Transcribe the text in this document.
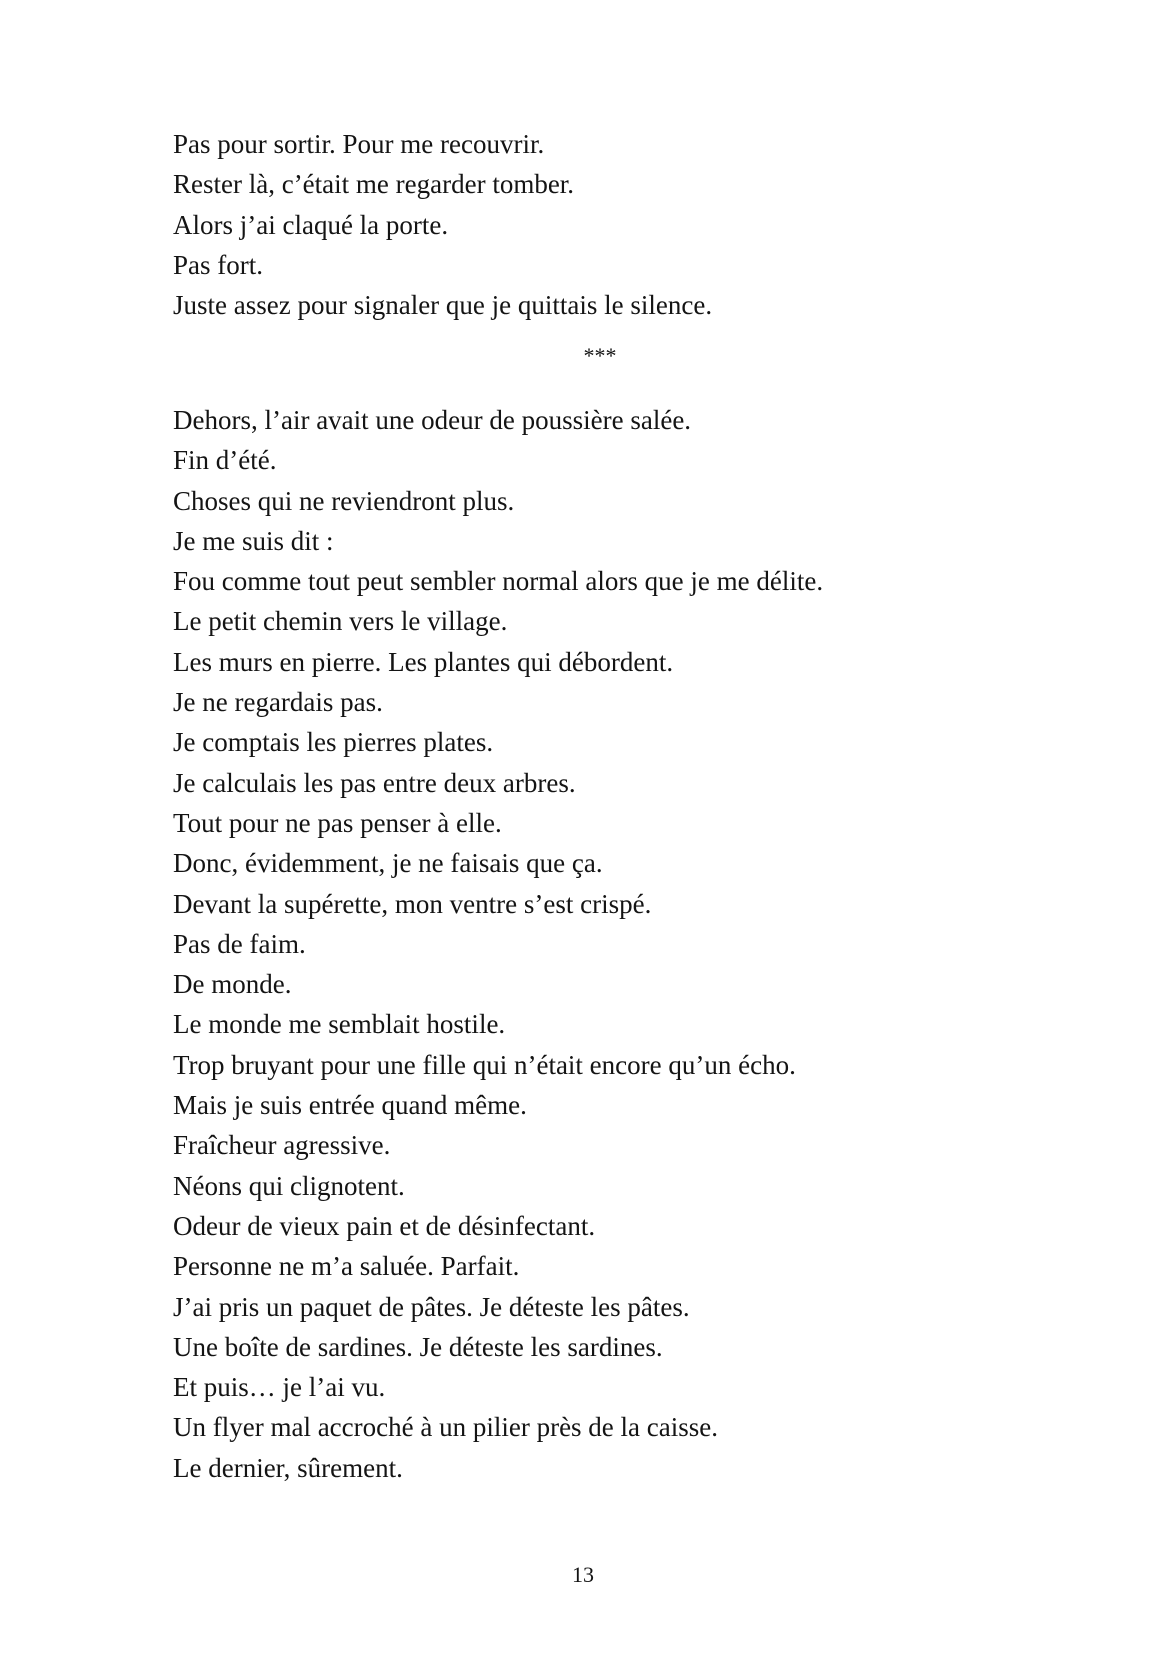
Pas pour sortir. Pour me recouvrir.
Rester là, c’était me regarder tomber.
Alors j’ai claqué la porte.
Pas fort.
Juste assez pour signaler que je quittais le silence.
***
Dehors, l’air avait une odeur de poussière salée.
Fin d’été.
Choses qui ne reviendront plus.
Je me suis dit :
Fou comme tout peut sembler normal alors que je me délite.
Le petit chemin vers le village.
Les murs en pierre. Les plantes qui débordent.
Je ne regardais pas.
Je comptais les pierres plates.
Je calculais les pas entre deux arbres.
Tout pour ne pas penser à elle.
Donc, évidemment, je ne faisais que ça.
Devant la supérette, mon ventre s’est crispé.
Pas de faim.
De monde.
Le monde me semblait hostile.
Trop bruyant pour une fille qui n’était encore qu’un écho.
Mais je suis entrée quand même.
Fraîcheur agressive.
Néons qui clignotent.
Odeur de vieux pain et de désinfectant.
Personne ne m’a saluée. Parfait.
J’ai pris un paquet de pâtes. Je déteste les pâtes.
Une boîte de sardines. Je déteste les sardines.
Et puis… je l’ai vu.
Un flyer mal accroché à un pilier près de la caisse.
Le dernier, sûrement.
13
